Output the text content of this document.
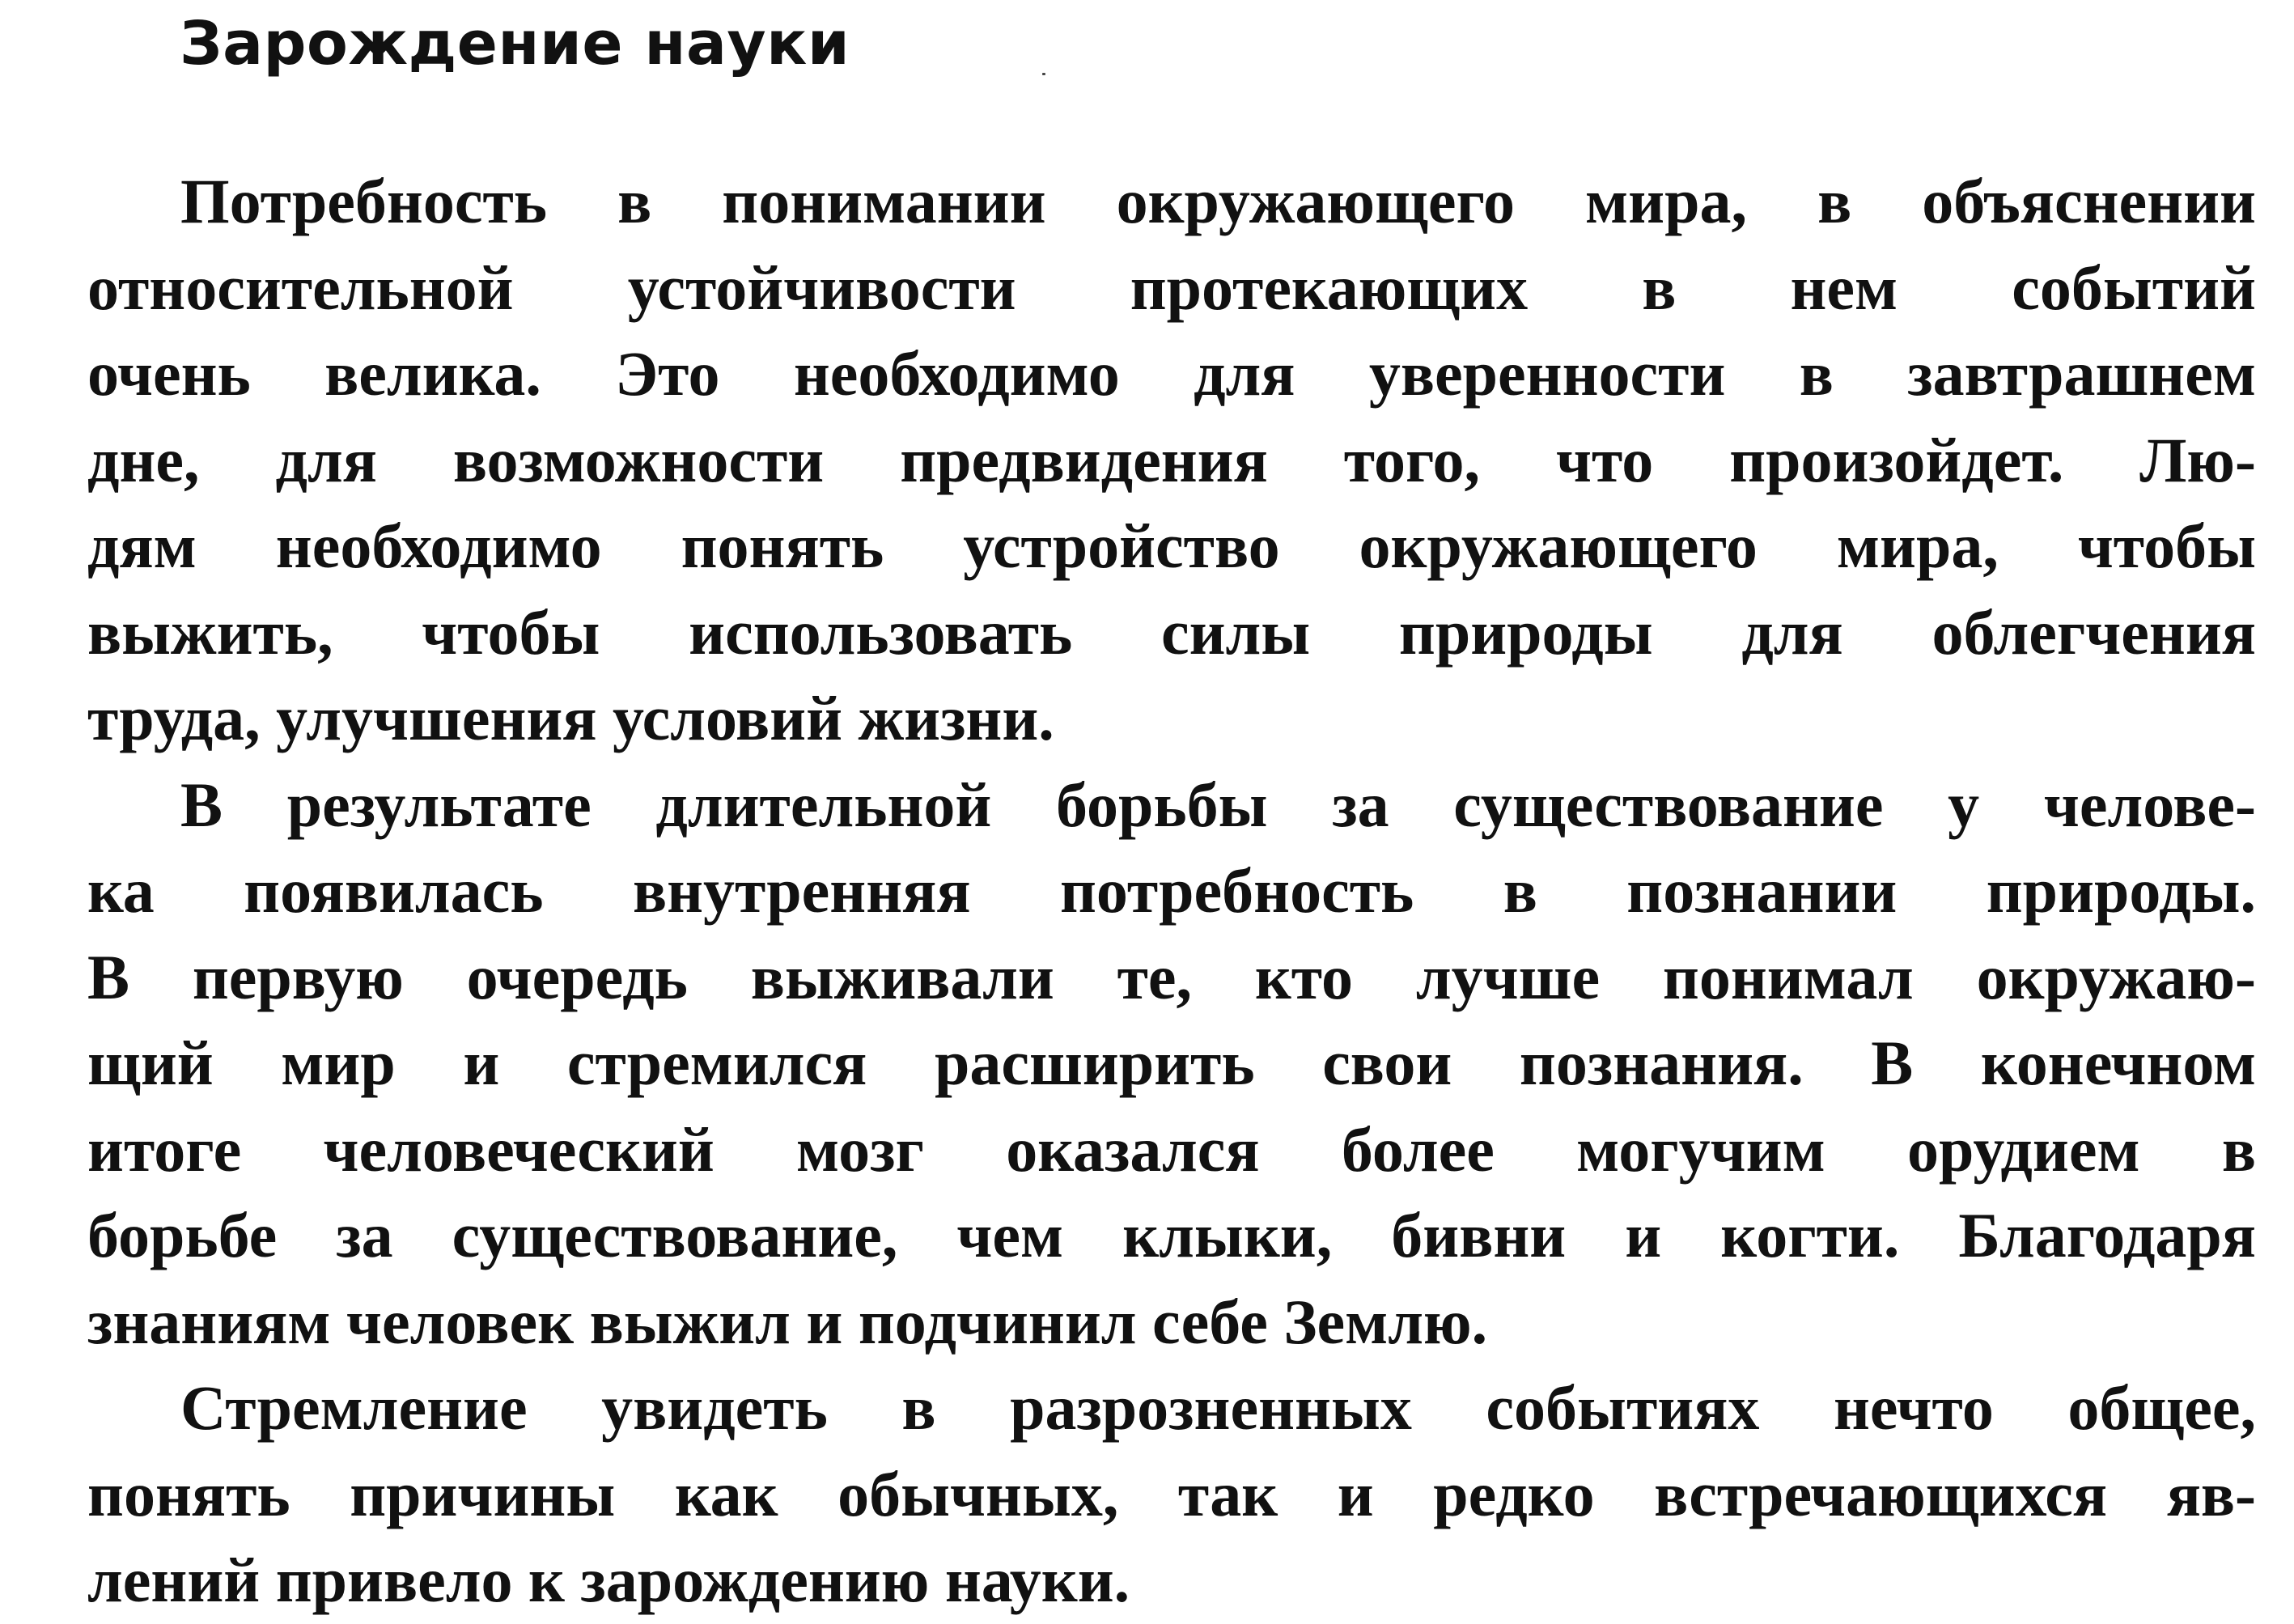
Зарождение науки

Потребность в понимании окружающего мира, в объяснении
относительной устойчивости протекающих в нем событий
очень велика. Это необходимо для уверенности в завтрашнем
дне, для возможности предвидения того, что произойдет. Лю-
дям необходимо понять устройство окружающего мира, чтобы
выжить, чтобы использовать силы природы для облегчения
труда, улучшения условий жизни.

В результате длительной борьбы за существование у челове-
ка появилась внутренняя потребность в познании природы.
В первую очередь выживали те, кто лучше понимал окружаю-
щий мир и стремился расширить свои познания. В конечном
итоге человеческий мозг оказался более могучим орудием в
борьбе за существование, чем клыки, бивни и когти. Благодаря
знаниям человек выжил и подчинил себе Землю.

Стремление увидеть в разрозненных событиях нечто общее,
понять причины как обычных, так и редко встречающихся яв-
лений привело к зарождению науки.
